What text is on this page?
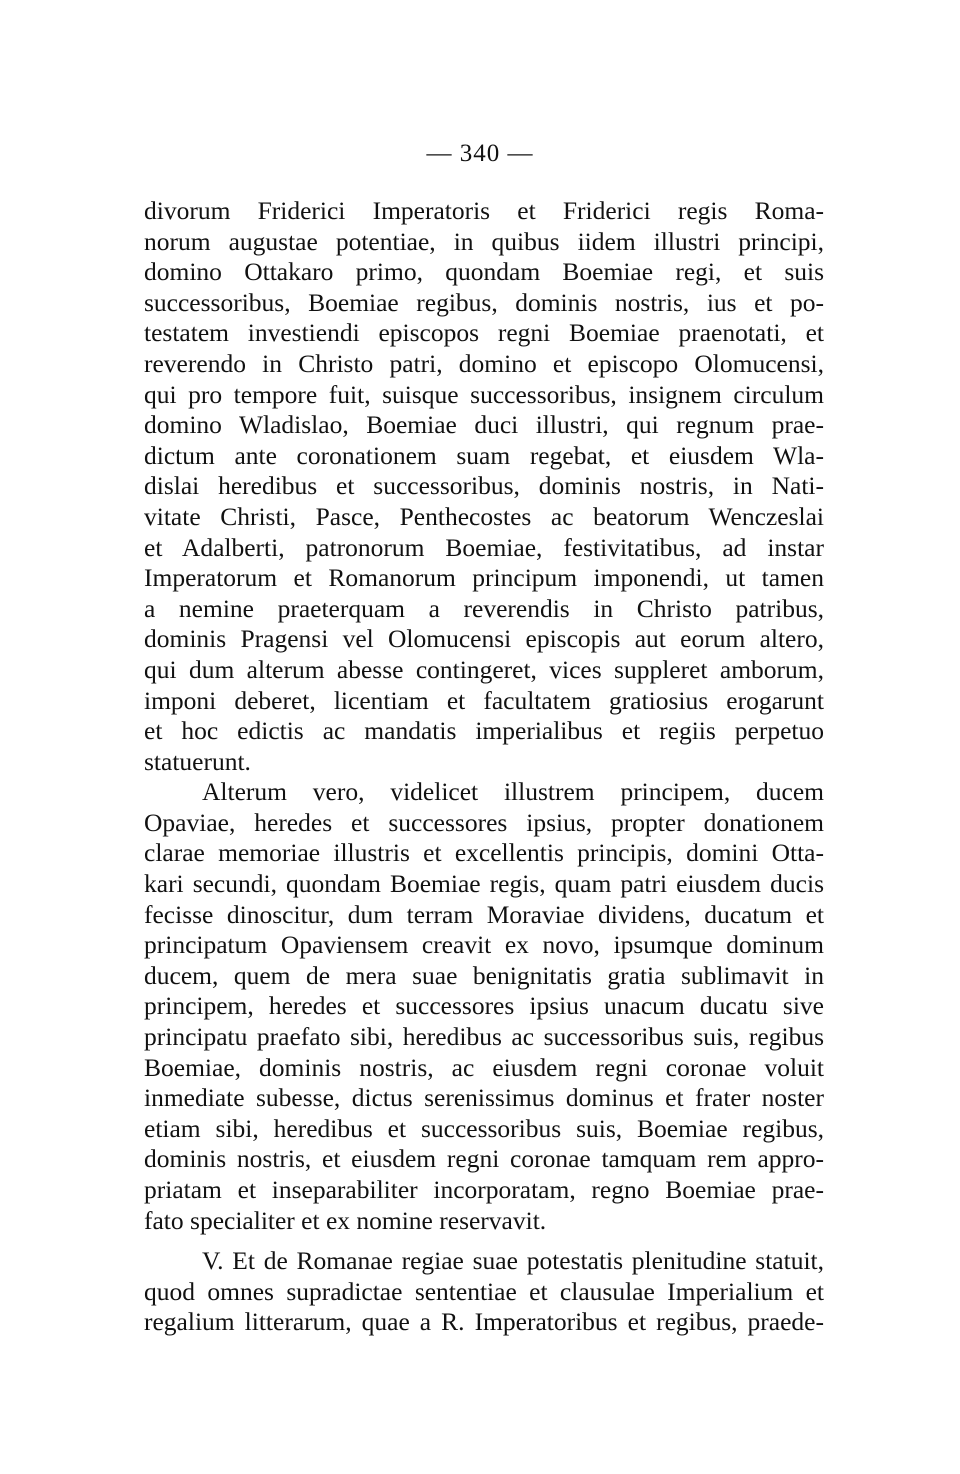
— 340 —
divorum Friderici Imperatoris et Friderici regis Roma-
norum augustae potentiae, in quibus iidem illustri principi,
domino Ottakaro primo, quondam Boemiae regi, et suis
successoribus, Boemiae regibus, dominis nostris, ius et po-
testatem investiendi episcopos regni Boemiae praenotati, et
reverendo in Christo patri, domino et episcopo Olomucensi,
qui pro tempore fuit, suisque successoribus, insignem circulum
domino Wladislao, Boemiae duci illustri, qui regnum prae-
dictum ante coronationem suam regebat, et eiusdem Wla-
dislai heredibus et successoribus, dominis nostris, in Nati-
vitate Christi, Pasce, Penthecostes ac beatorum Wenczeslai
et Adalberti, patronorum Boemiae, festivitatibus, ad instar
Imperatorum et Romanorum principum imponendi, ut tamen
a nemine praeterquam a reverendis in Christo patribus,
dominis Pragensi vel Olomucensi episcopis aut eorum altero,
qui dum alterum abesse contingeret, vices suppleret amborum,
imponi deberet, licentiam et facultatem gratiosius erogarunt
et hoc edictis ac mandatis imperialibus et regiis perpetuo
statuerunt.
Alterum vero, videlicet illustrem principem, ducem
Opaviae, heredes et successores ipsius, propter donationem
clarae memoriae illustris et excellentis principis, domini Otta-
kari secundi, quondam Boemiae regis, quam patri eiusdem ducis
fecisse dinoscitur, dum terram Moraviae dividens, ducatum et
principatum Opaviensem creavit ex novo, ipsumque dominum
ducem, quem de mera suae benignitatis gratia sublimavit in
principem, heredes et successores ipsius unacum ducatu sive
principatu praefato sibi, heredibus ac successoribus suis, regibus
Boemiae, dominis nostris, ac eiusdem regni coronae voluit
inmediate subesse, dictus serenissimus dominus et frater noster
etiam sibi, heredibus et successoribus suis, Boemiae regibus,
dominis nostris, et eiusdem regni coronae tamquam rem appro-
priatam et inseparabiliter incorporatam, regno Boemiae prae-
fato specialiter et ex nomine reservavit.
V. Et de Romanae regiae suae potestatis plenitudine statuit,
quod omnes supradictae sententiae et clausulae Imperialium et
regalium litterarum, quae a R. Imperatoribus et regibus, praede-
